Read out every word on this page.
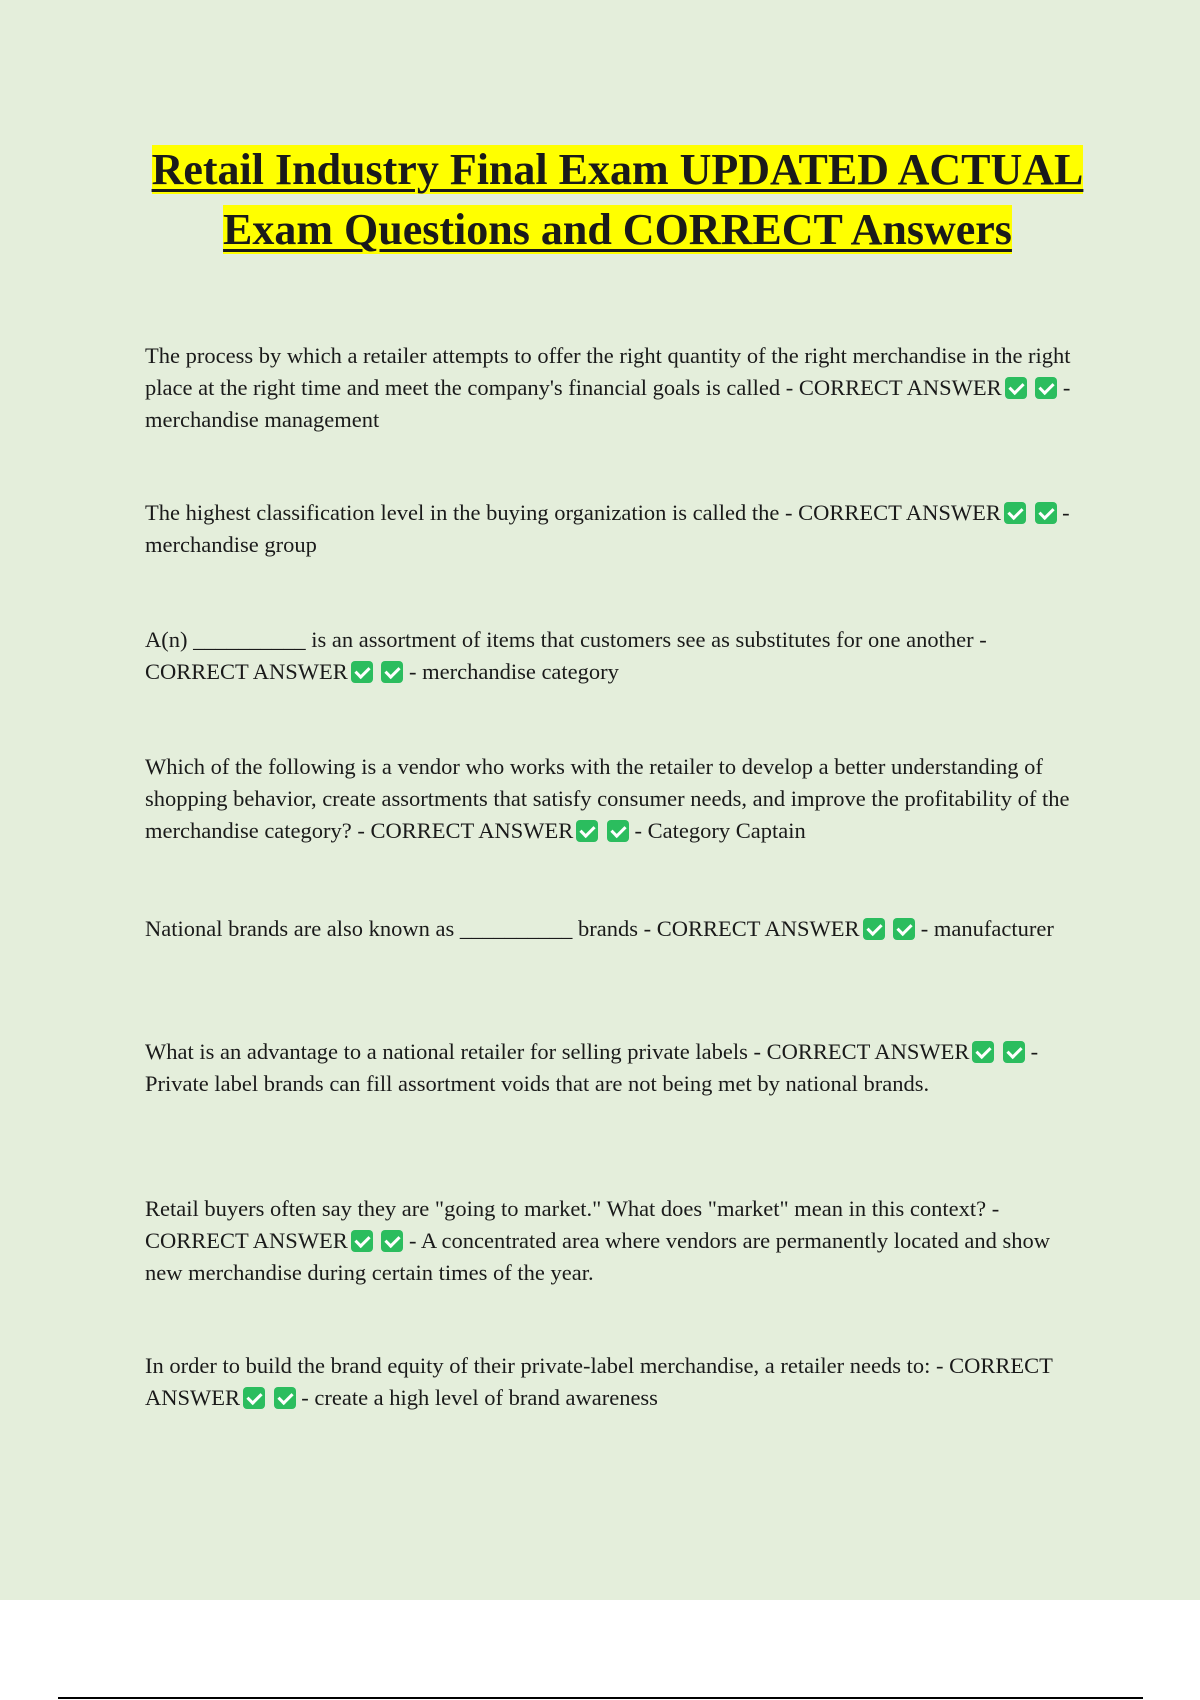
Retail Industry Final Exam UPDATED ACTUAL Exam Questions and CORRECT Answers

The process by which a retailer attempts to offer the right quantity of the right merchandise in the right place at the right time and meet the company's financial goals is called - CORRECT ANSWER	- merchandise management

The highest classification level in the buying organization is called the - CORRECT ANSWER	- merchandise group

A(n) __________ is an assortment of items that customers see as substitutes for one another - CORRECT ANSWER	- merchandise category

Which of the following is a vendor who works with the retailer to develop a better understanding of shopping behavior, create assortments that satisfy consumer needs, and improve the profitability of the merchandise category? - CORRECT ANSWER	- Category Captain

National brands are also known as __________ brands - CORRECT ANSWER	- manufacturer

What is an advantage to a national retailer for selling private labels - CORRECT ANSWER	- Private label brands can fill assortment voids that are not being met by national brands.

Retail buyers often say they are "going to market." What does "market" mean in this context? - CORRECT ANSWER	- A concentrated area where vendors are permanently located and show new merchandise during certain times of the year.

In order to build the brand equity of their private-label merchandise, a retailer needs to: - CORRECT ANSWER	- create a high level of brand awareness
